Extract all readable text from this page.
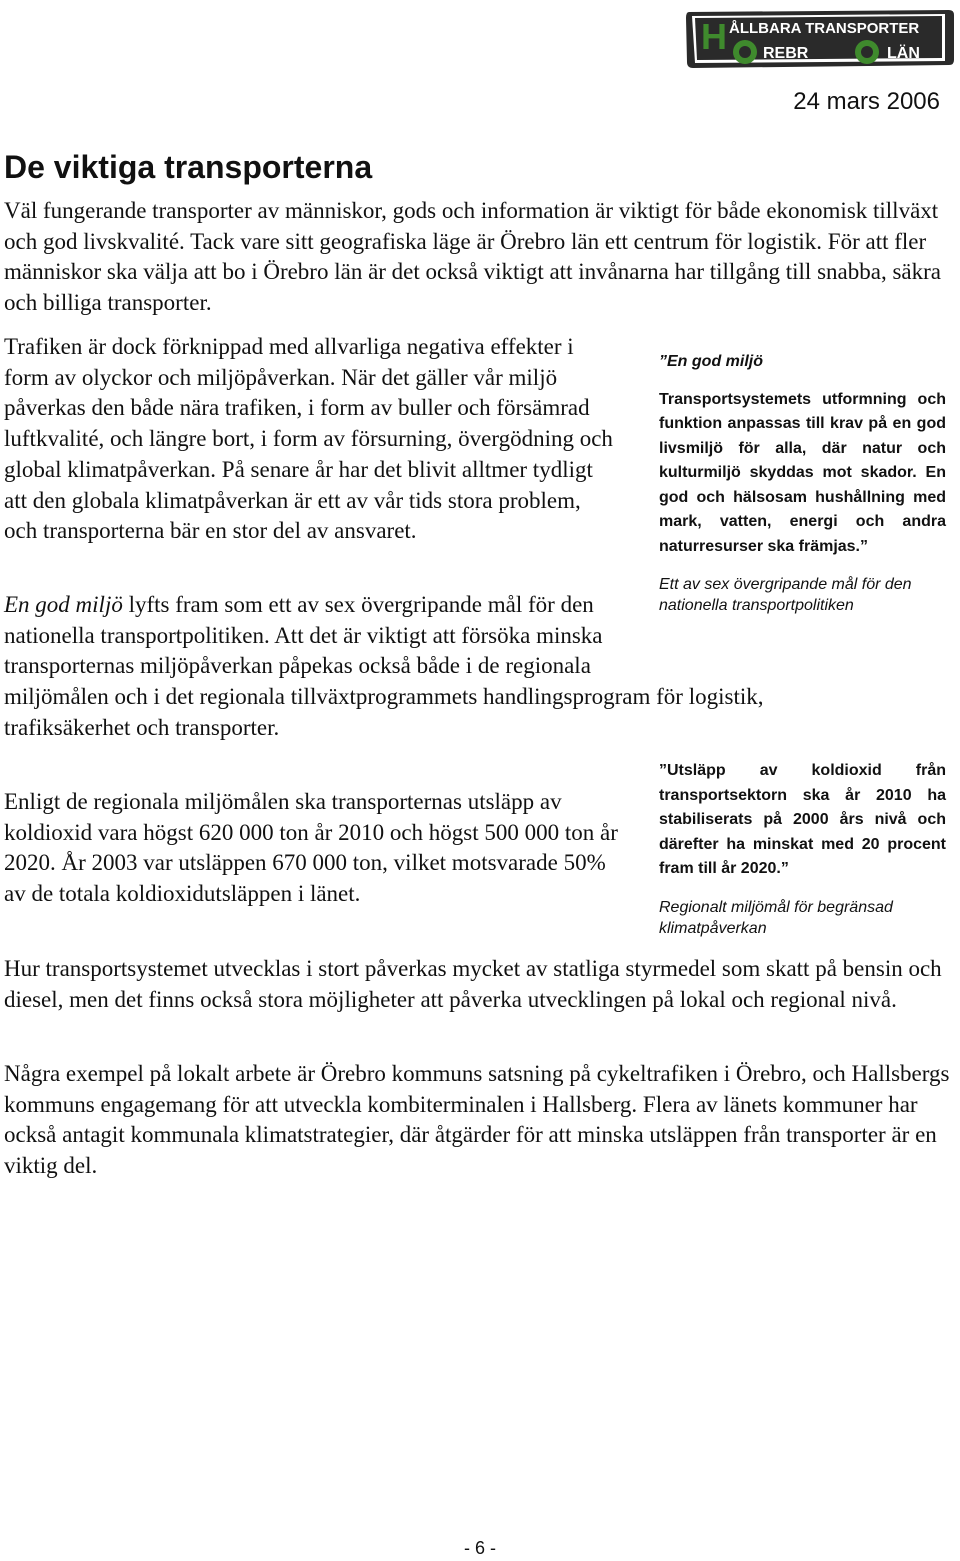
H ÅLLBARA TRANSPORTER
REBR	LÄN
24 mars 2006
De viktiga transporterna

Väl fungerande transporter av människor, gods och information är viktigt för både ekonomisk tillväxt och god livskvalité. Tack vare sitt geografiska läge är Örebro län ett centrum för logistik. För att fler människor ska välja att bo i Örebro län är det också viktigt att invånarna har tillgång till snabba, säkra och billiga transporter.

Trafiken är dock förknippad med allvarliga negativa effekter i form av olyckor och miljöpåverkan. När det gäller vår miljö påverkas den både nära trafiken, i form av buller och försämrad luftkvalité, och längre bort, i form av försurning, övergödning och global klimatpåverkan. På senare år har det blivit alltmer tydligt att den globala klimatpåverkan är ett av vår tids stora problem, och transporterna bär en stor del av ansvaret.

En god miljö lyfts fram som ett av sex övergripande mål för den nationella transportpolitiken. Att det är viktigt att försöka minska transporternas miljöpåverkan påpekas också både i de regionala miljömålen och i det regionala tillväxtprogrammets handlingsprogram för logistik, trafiksäkerhet och transporter.

Enligt de regionala miljömålen ska transporternas utsläpp av koldioxid vara högst 620 000 ton år 2010 och högst 500 000 ton år 2020. År 2003 var utsläppen 670 000 ton, vilket motsvarade 50% av de totala koldioxidutsläppen i länet.

Hur transportsystemet utvecklas i stort påverkas mycket av statliga styrmedel som skatt på bensin och diesel, men det finns också stora möjligheter att påverka utvecklingen på lokal och regional nivå.

Några exempel på lokalt arbete är Örebro kommuns satsning på cykeltrafiken i Örebro, och Hallsbergs kommuns engagemang för att utveckla kombiterminalen i Hallsberg. Flera av länets kommuner har också antagit kommunala klimatstrategier, där åtgärder för att minska utsläppen från transporter är en viktig del.

”En god miljö
Transportsystemets utformning och funktion anpassas till krav på en god livsmiljö för alla, där natur och kulturmiljö skyddas mot skador. En god och hälsosam hushållning med mark, vatten, energi och andra naturresurser ska främjas.”
Ett av sex övergripande mål för den nationella transportpolitiken
”Utsläpp av koldioxid från transportsektorn ska år 2010 ha stabiliserats på 2000 års nivå och därefter ha minskat med 20 procent fram till år 2020.”
Regionalt miljömål för begränsad klimatpåverkan
- 6 -
